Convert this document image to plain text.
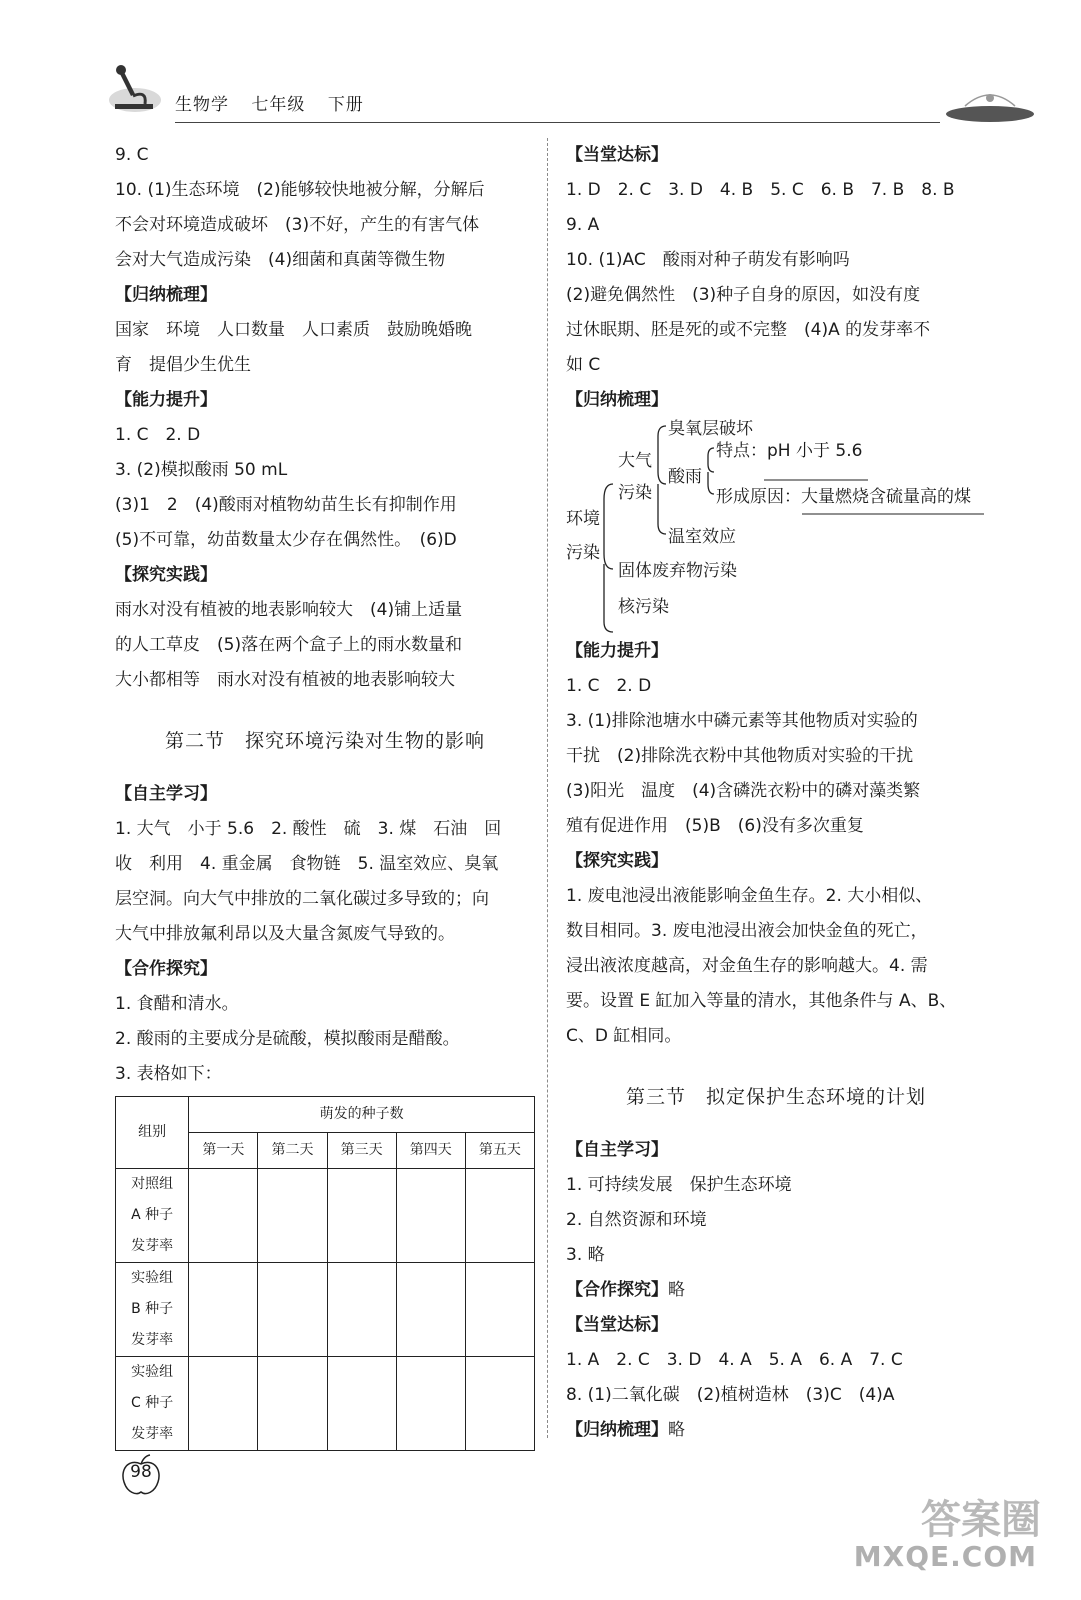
生物学 七年级 下册

9. C

10. (1)生态环境　(2)能够较快地被分解，分解后

不会对环境造成破坏　(3)不好，产生的有害气体

会对大气造成污染　(4)细菌和真菌等微生物

【归纳梳理】

国家　环境　人口数量　人口素质　鼓励晚婚晚

育　提倡少生优生

【能力提升】

1. C　2. D

3. (2)模拟酸雨 50 mL

(3)1　2　(4)酸雨对植物幼苗生长有抑制作用

(5)不可靠，幼苗数量太少存在偶然性。　(6)D

【探究实践】

雨水对没有植被的地表影响较大　(4)铺上适量

的人工草皮　(5)落在两个盒子上的雨水数量和

大小都相等　雨水对没有植被的地表影响较大

第二节　探究环境污染对生物的影响

【自主学习】

1. 大气　小于 5.6　2. 酸性　硫　3. 煤　石油　回

收　利用　4. 重金属　食物链　5. 温室效应、臭氧

层空洞。向大气中排放的二氧化碳过多导致的；向

大气中排放氟利昂以及大量含氮废气导致的。

【合作探究】

1. 食醋和清水。

2. 酸雨的主要成分是硫酸，模拟酸雨是醋酸。

3. 表格如下：

组别	萌发的种子数				
	第一天	第二天	第三天	第四天	第五天

对照组
A 种子
发芽率					

实验组
B 种子
发芽率					

实验组
C 种子
发芽率					

【当堂达标】

1. D　2. C　3. D　4. B　5. C　6. B　7. B　8. B

9. A

10. (1)AC　酸雨对种子萌发有影响吗

(2)避免偶然性　(3)种子自身的原因，如没有度

过休眠期、胚是死的或不完整　(4)A 的发芽率不

如 C

【归纳梳理】

环境
污染
大气
污染
臭氧层破坏
酸雨
特点：pH 小于 5.6
形成原因：大量燃烧含硫量高的煤
温室效应
固体废弃物污染
核污染

【能力提升】

1. C　2. D

3. (1)排除池塘水中磷元素等其他物质对实验的

干扰　(2)排除洗衣粉中其他物质对实验的干扰

(3)阳光　温度　(4)含磷洗衣粉中的磷对藻类繁

殖有促进作用　(5)B　(6)没有多次重复

【探究实践】

1. 废电池浸出液能影响金鱼生存。2. 大小相似、

数目相同。3. 废电池浸出液会加快金鱼的死亡，

浸出液浓度越高，对金鱼生存的影响越大。4. 需

要。设置 E 缸加入等量的清水，其他条件与 A、B、

C、D 缸相同。

第三节　拟定保护生态环境的计划

【自主学习】

1. 可持续发展　保护生态环境

2. 自然资源和环境

3. 略

【合作探究】略

【当堂达标】

1. A　2. C　3. D　4. A　5. A　6. A　7. C

8. (1)二氧化碳　(2)植树造林　(3)C　(4)A

【归纳梳理】略

98
答案圈
MXQE.COM
